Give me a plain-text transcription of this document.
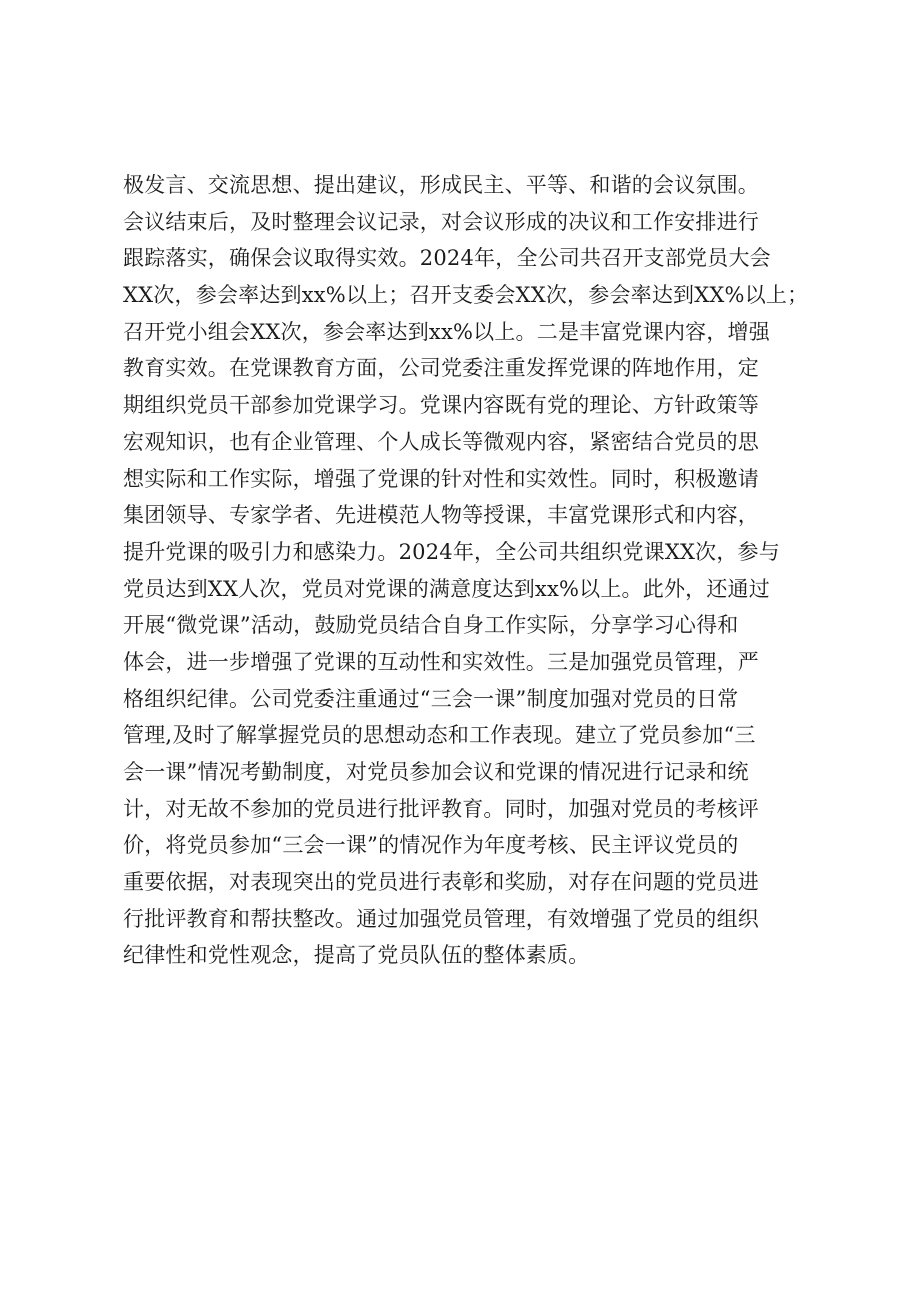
极发言、交流思想、提出建议，形成民主、平等、和谐的会议氛围。
会议结束后，及时整理会议记录，对会议形成的决议和工作安排进行
跟踪落实，确保会议取得实效。2024年，全公司共召开支部党员大会
XX次，参会率达到xx%以上；召开支委会XX次，参会率达到XX%以上；
召开党小组会XX次，参会率达到xx%以上。二是丰富党课内容，增强
教育实效。在党课教育方面，公司党委注重发挥党课的阵地作用，定
期组织党员干部参加党课学习。党课内容既有党的理论、方针政策等
宏观知识，也有企业管理、个人成长等微观内容，紧密结合党员的思
想实际和工作实际，增强了党课的针对性和实效性。同时，积极邀请
集团领导、专家学者、先进模范人物等授课，丰富党课形式和内容，
提升党课的吸引力和感染力。2024年，全公司共组织党课XX次，参与
党员达到XX人次，党员对党课的满意度达到xx%以上。此外，还通过
开展“微党课”活动，鼓励党员结合自身工作实际，分享学习心得和
体会，进一步增强了党课的互动性和实效性。三是加强党员管理，严
格组织纪律。公司党委注重通过“三会一课”制度加强对党员的日常
管理,及时了解掌握党员的思想动态和工作表现。建立了党员参加“三
会一课”情况考勤制度，对党员参加会议和党课的情况进行记录和统
计，对无故不参加的党员进行批评教育。同时，加强对党员的考核评
价，将党员参加“三会一课”的情况作为年度考核、民主评议党员的
重要依据，对表现突出的党员进行表彰和奖励，对存在问题的党员进
行批评教育和帮扶整改。通过加强党员管理，有效增强了党员的组织
纪律性和党性观念，提高了党员队伍的整体素质。
